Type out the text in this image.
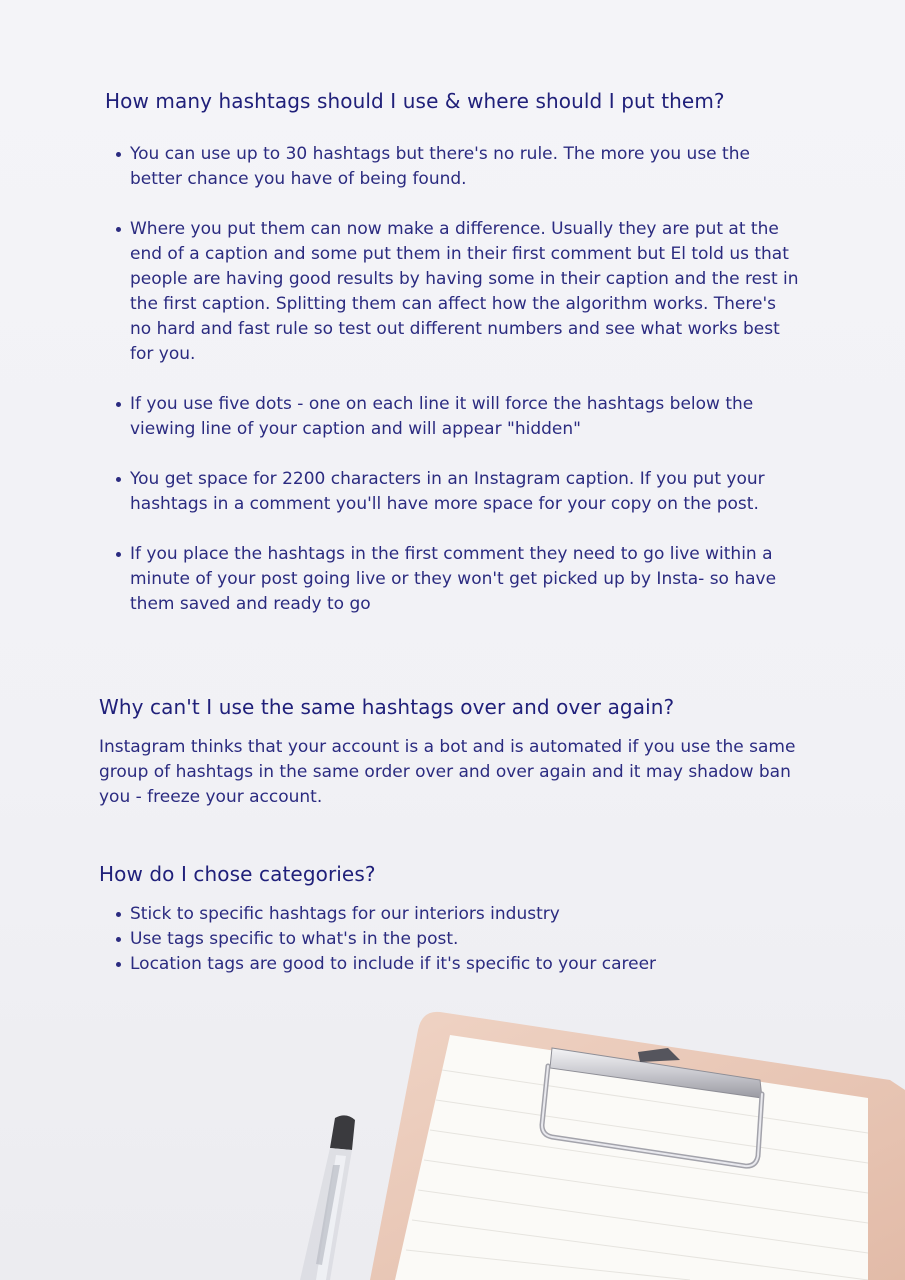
How many hashtags should I use & where should I put them?
You can use up to 30 hashtags but there's no rule. The more you use the better chance you have of being found.
Where you put them can now make a difference. Usually they are put at the end of a caption and some put them in their first comment but El told us that people are having good results by having some in their caption and the rest in the first caption. Splitting them can affect how the algorithm works. There's no hard and fast rule so test out different numbers and see what works best for you.
If you use five dots - one on each line it will force the hashtags below the viewing line of your caption and will appear "hidden"
You get space for 2200 characters in an Instagram caption. If you put your hashtags in a comment you'll have more space for your copy on the post.
If you place the hashtags in the first comment they need to go live within a minute of your post going live or they won't get picked up by Insta- so have them saved and ready to go
Why can't I use the same hashtags over and over again?

Instagram thinks that your account is a bot and is automated if you use the same group of hashtags in the same order over and over again and it may shadow ban you - freeze your account.

How do I chose categories?
Stick to specific hashtags for our interiors industry
Use tags specific to what's in the post.
Location tags are good to include if it's specific to your career
